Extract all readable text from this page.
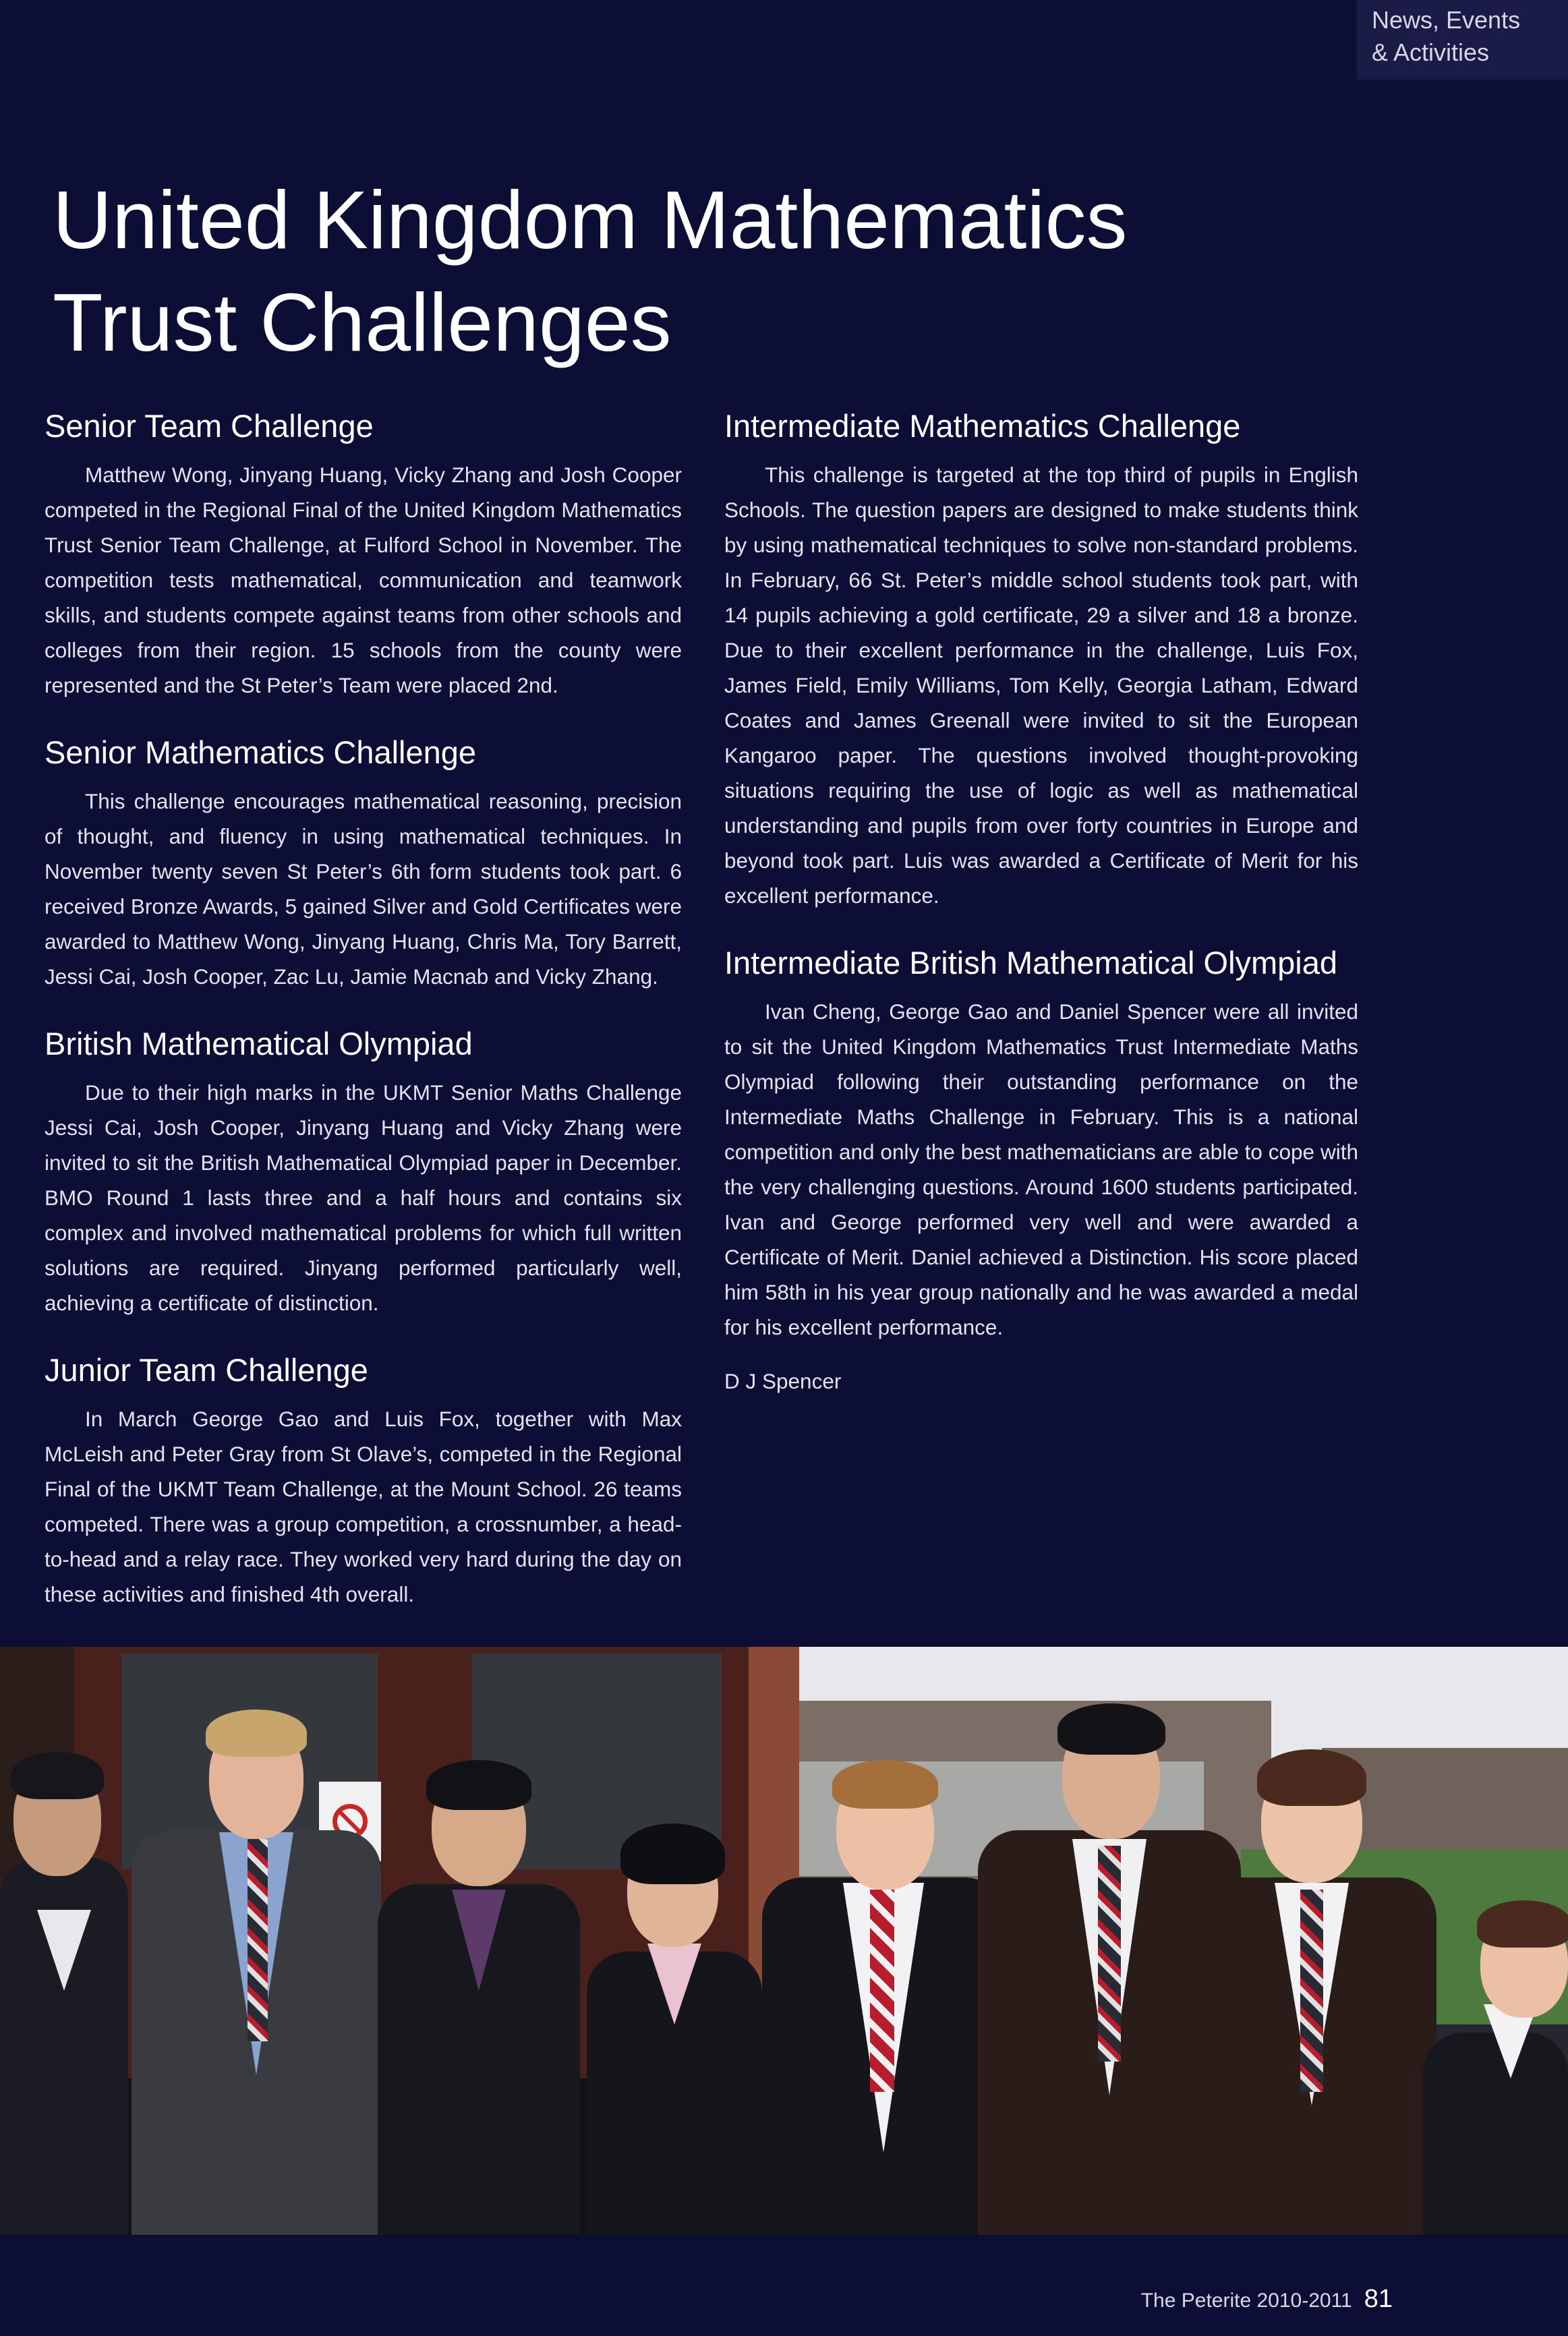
News, Events
& Activities
United Kingdom Mathematics
Trust Challenges
Senior Team Challenge

Matthew Wong, Jinyang Huang, Vicky Zhang and Josh Cooper competed in the Regional Final of the United Kingdom Mathematics Trust Senior Team Challenge, at Fulford School in November. The competition tests mathematical, communication and teamwork skills, and students compete against teams from other schools and colleges from their region. 15 schools from the county were represented and the St Peter’s Team were placed 2nd.

Senior Mathematics Challenge

This challenge encourages mathematical reasoning, precision of thought, and fluency in using mathematical techniques. In November twenty seven St Peter’s 6th form students took part. 6 received Bronze Awards, 5 gained Silver and Gold Certificates were awarded to Matthew Wong, Jinyang Huang, Chris Ma, Tory Barrett, Jessi Cai, Josh Cooper, Zac Lu, Jamie Macnab and Vicky Zhang.

British Mathematical Olympiad

Due to their high marks in the UKMT Senior Maths Challenge Jessi Cai, Josh Cooper, Jinyang Huang and Vicky Zhang were invited to sit the British Mathematical Olympiad paper in December. BMO Round 1 lasts three and a half hours and contains six complex and involved mathematical problems for which full written solutions are required. Jinyang performed particularly well, achieving a certificate of distinction.

Junior Team Challenge

In March George Gao and Luis Fox, together with Max McLeish and Peter Gray from St Olave’s, competed in the Regional Final of the UKMT Team Challenge, at the Mount School. 26 teams competed. There was a group competition, a crossnumber, a head-to-head and a relay race. They worked very hard during the day on these activities and finished 4th overall.

Intermediate Mathematics Challenge

This challenge is targeted at the top third of pupils in English Schools. The question papers are designed to make students think by using mathematical techniques to solve non-standard problems. In February, 66 St. Peter’s middle school students took part, with 14 pupils achieving a gold certificate, 29 a silver and 18 a bronze. Due to their excellent performance in the challenge, Luis Fox, James Field, Emily Williams, Tom Kelly, Georgia Latham, Edward Coates and James Greenall were invited to sit the European Kangaroo paper. The questions involved thought-provoking situations requiring the use of logic as well as mathematical understanding and pupils from over forty countries in Europe and beyond took part. Luis was awarded a Certificate of Merit for his excellent performance.

Intermediate British Mathematical Olympiad

Ivan Cheng, George Gao and Daniel Spencer were all invited to sit the United Kingdom Mathematics Trust Intermediate Maths Olympiad following their outstanding performance on the Intermediate Maths Challenge in February. This is a national competition and only the best mathematicians are able to cope with the very challenging questions. Around 1600 students participated. Ivan and George performed very well and were awarded a Certificate of Merit. Daniel achieved a Distinction. His score placed him 58th in his year group nationally and he was awarded a medal for his excellent performance.

D J Spencer
The Peterite 2010-2011 81
